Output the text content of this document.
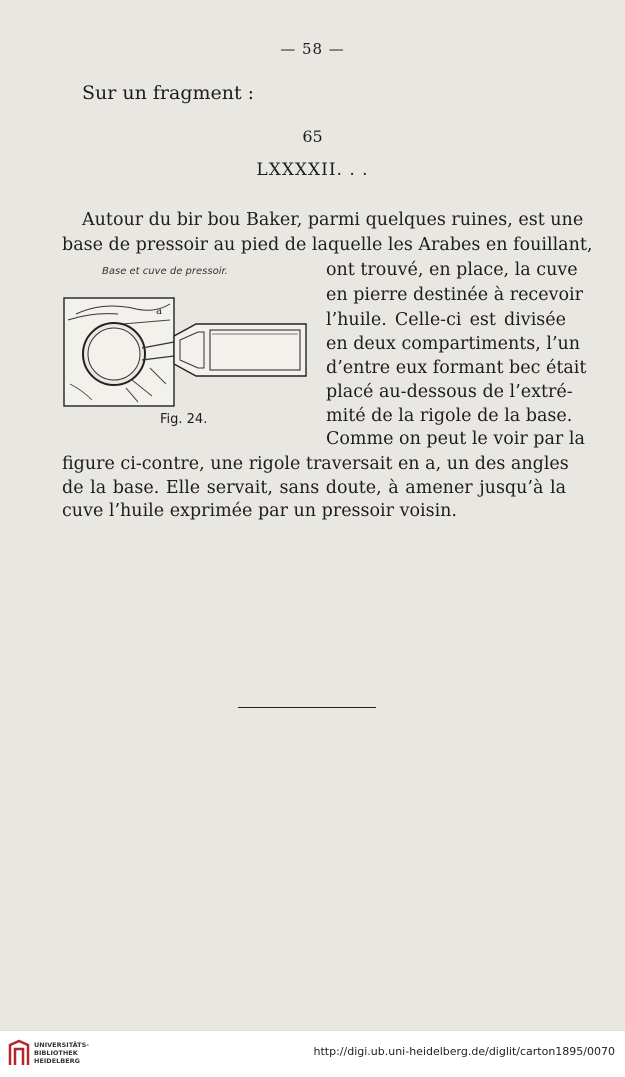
— 58 —
Sur un fragment :
65
LXXXXII. . .
Autour du bir bou Baker, parmi quelques ruines, est une
base de pressoir au pied de laquelle les Arabes en fouillant,
ont trouvé, en place, la cuve
en pierre destinée à recevoir
l’huile. Celle-ci est divisée
en deux compartiments, l’un
d’entre eux formant bec était
placé au-dessous de l’extré-
mité de la rigole de la base.
Comme on peut le voir par la
figure ci-contre, une rigole traversait en a, un des angles
de la base. Elle servait, sans doute, à amener jusqu’à la
cuve l’huile exprimée par un pressoir voisin.
Base et cuve de pressoir.
a
Fig. 24.
UNIVERSITÄTS-
BIBLIOTHEK
HEIDELBERG
http://digi.ub.uni-heidelberg.de/diglit/carton1895/0070
